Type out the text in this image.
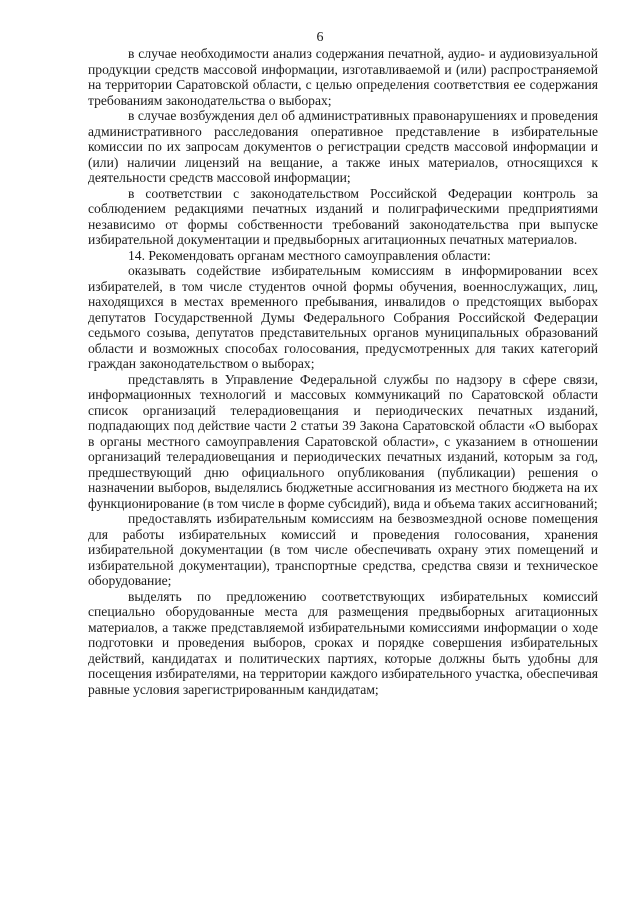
6

в случае необходимости анализ содержания печатной, аудио- и аудиовизуальной продукции средств массовой информации, изготавливаемой и (или) распространяемой на территории Саратовской области, с целью определения соответствия ее содержания требованиям законодательства о выборах;

в случае возбуждения дел об административных правонарушениях и проведения административного расследования оперативное представление в избирательные комиссии по их запросам документов о регистрации средств массовой информации и (или) наличии лицензий на вещание, а также иных материалов, относящихся к деятельности средств массовой информации;

в соответствии с законодательством Российской Федерации контроль за соблюдением редакциями печатных изданий и полиграфическими предприятиями независимо от формы собственности требований законодательства при выпуске избирательной документации и предвыборных агитационных печатных материалов.

14. Рекомендовать органам местного самоуправления области:

оказывать содействие избирательным комиссиям в информировании всех избирателей, в том числе студентов очной формы обучения, военнослужащих, лиц, находящихся в местах временного пребывания, инвалидов о предстоящих выборах депутатов Государственной Думы Федерального Собрания Российской Федерации седьмого созыва, депутатов представительных органов муниципальных образований области и возможных способах голосования, предусмотренных для таких категорий граждан законодательством о выборах;

представлять в Управление Федеральной службы по надзору в сфере связи, информационных технологий и массовых коммуникаций по Саратовской области список организаций телерадиовещания и периодических печатных изданий, подпадающих под действие части 2 статьи 39 Закона Саратовской области «О выборах в органы местного самоуправления Саратовской области», с указанием в отношении организаций телерадиовещания и периодических печатных изданий, которым за год, предшествующий дню официального опубликования (публикации) решения о назначении выборов, выделялись бюджетные ассигнования из местного бюджета на их функционирование (в том числе в форме субсидий), вида и объема таких ассигнований;

предоставлять избирательным комиссиям на безвозмездной основе помещения для работы избирательных комиссий и проведения голосования, хранения избирательной документации (в том числе обеспечивать охрану этих помещений и избирательной документации), транспортные средства, средства связи и техническое оборудование;

выделять по предложению соответствующих избирательных комиссий специально оборудованные места для размещения предвыборных агитационных материалов, а также представляемой избирательными комиссиями информации о ходе подготовки и проведения выборов, сроках и порядке совершения избирательных действий, кандидатах и политических партиях, которые должны быть удобны для посещения избирателями, на территории каждого избирательного участка, обеспечивая равные условия зарегистрированным кандидатам;
